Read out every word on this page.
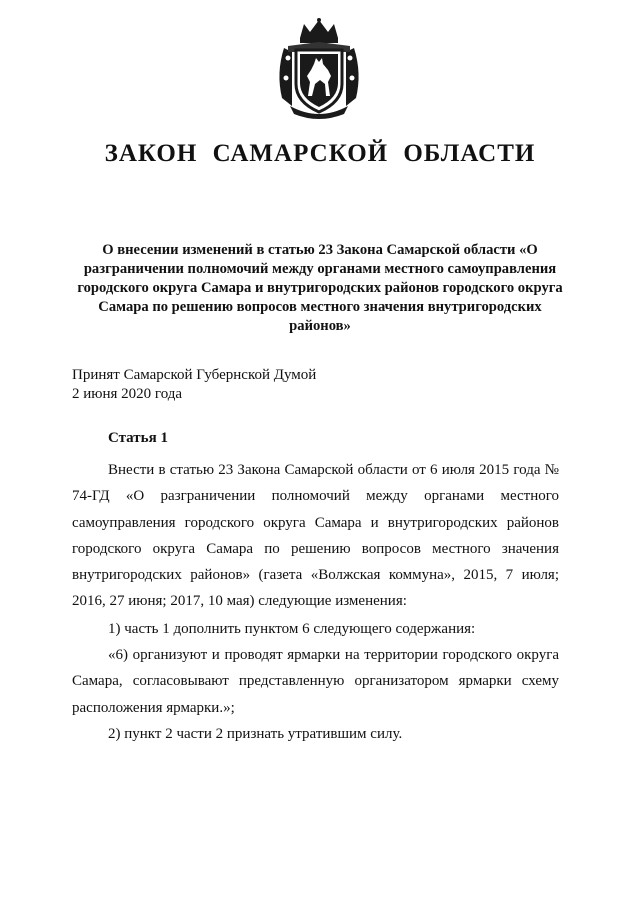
ЗАКОН САМАРСКОЙ ОБЛАСТИ
О внесении изменений в статью 23 Закона Самарской области «О разграничении полномочий между органами местного самоуправления городского округа Самара и внутригородских районов городского округа Самара по решению вопросов местного значения внутригородских районов»
Принят Самарской Губернской Думой
2 июня 2020 года
Статья 1

Внести в статью 23 Закона Самарской области от 6 июля 2015 года № 74-ГД «О разграничении полномочий между органами местного самоуправления городского округа Самара и внутригородских районов городского округа Самара по решению вопросов местного значения внутригородских районов» (газета «Волжская коммуна», 2015, 7 июля; 2016, 27 июня; 2017, 10 мая) следующие изменения:

1) часть 1 дополнить пунктом 6 следующего содержания:

«6) организуют и проводят ярмарки на территории городского округа Самара, согласовывают представленную организатором ярмарки схему расположения ярмарки.»;

2) пункт 2 части 2 признать утратившим силу.
